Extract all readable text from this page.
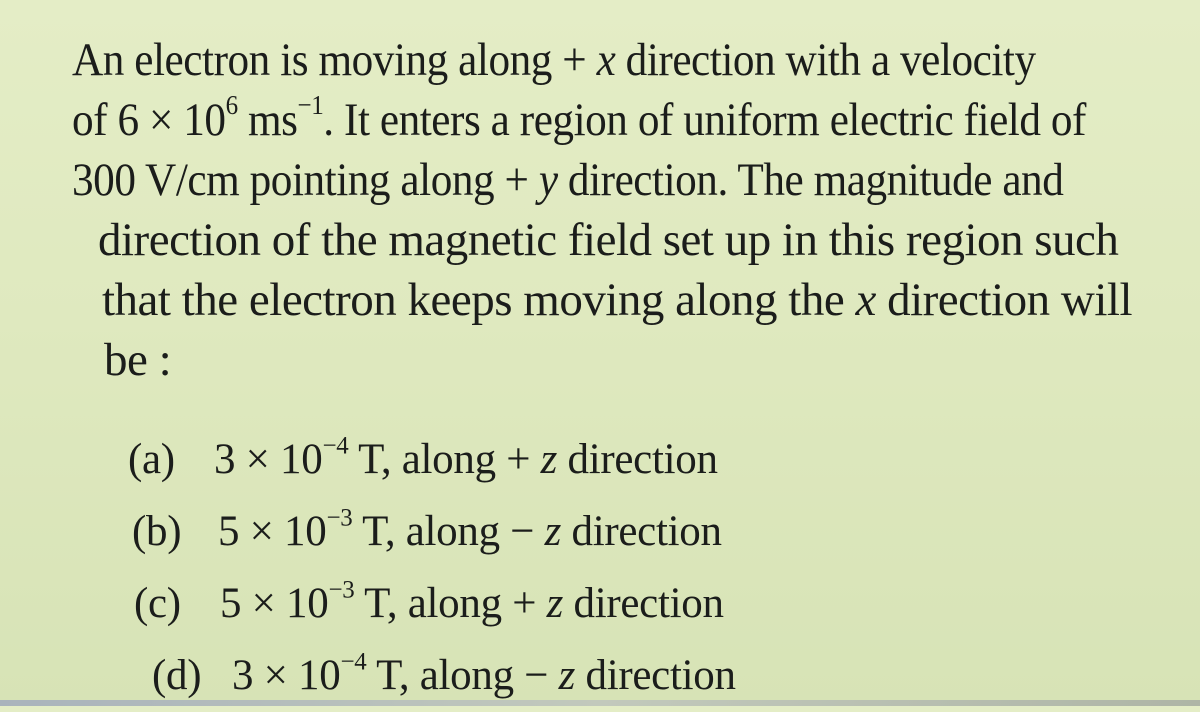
An electron is moving along + x direction with a velocity
of $6 \times 10^6$ $ms^{-1}$. It enters a region of uniform electric field of
300 V/cm pointing along + y direction. The magnitude and
direction of the magnetic field set up in this region such
that the electron keeps moving along the x direction will
be :
(a) $3 \times 10^{-4}$ T, along + z direction
(b) $5 \times 10^{-3}$ T, along − z direction
(c) $5 \times 10^{-3}$ T, along + z direction
(d) $3 \times 10^{-4}$ T, along − z direction
